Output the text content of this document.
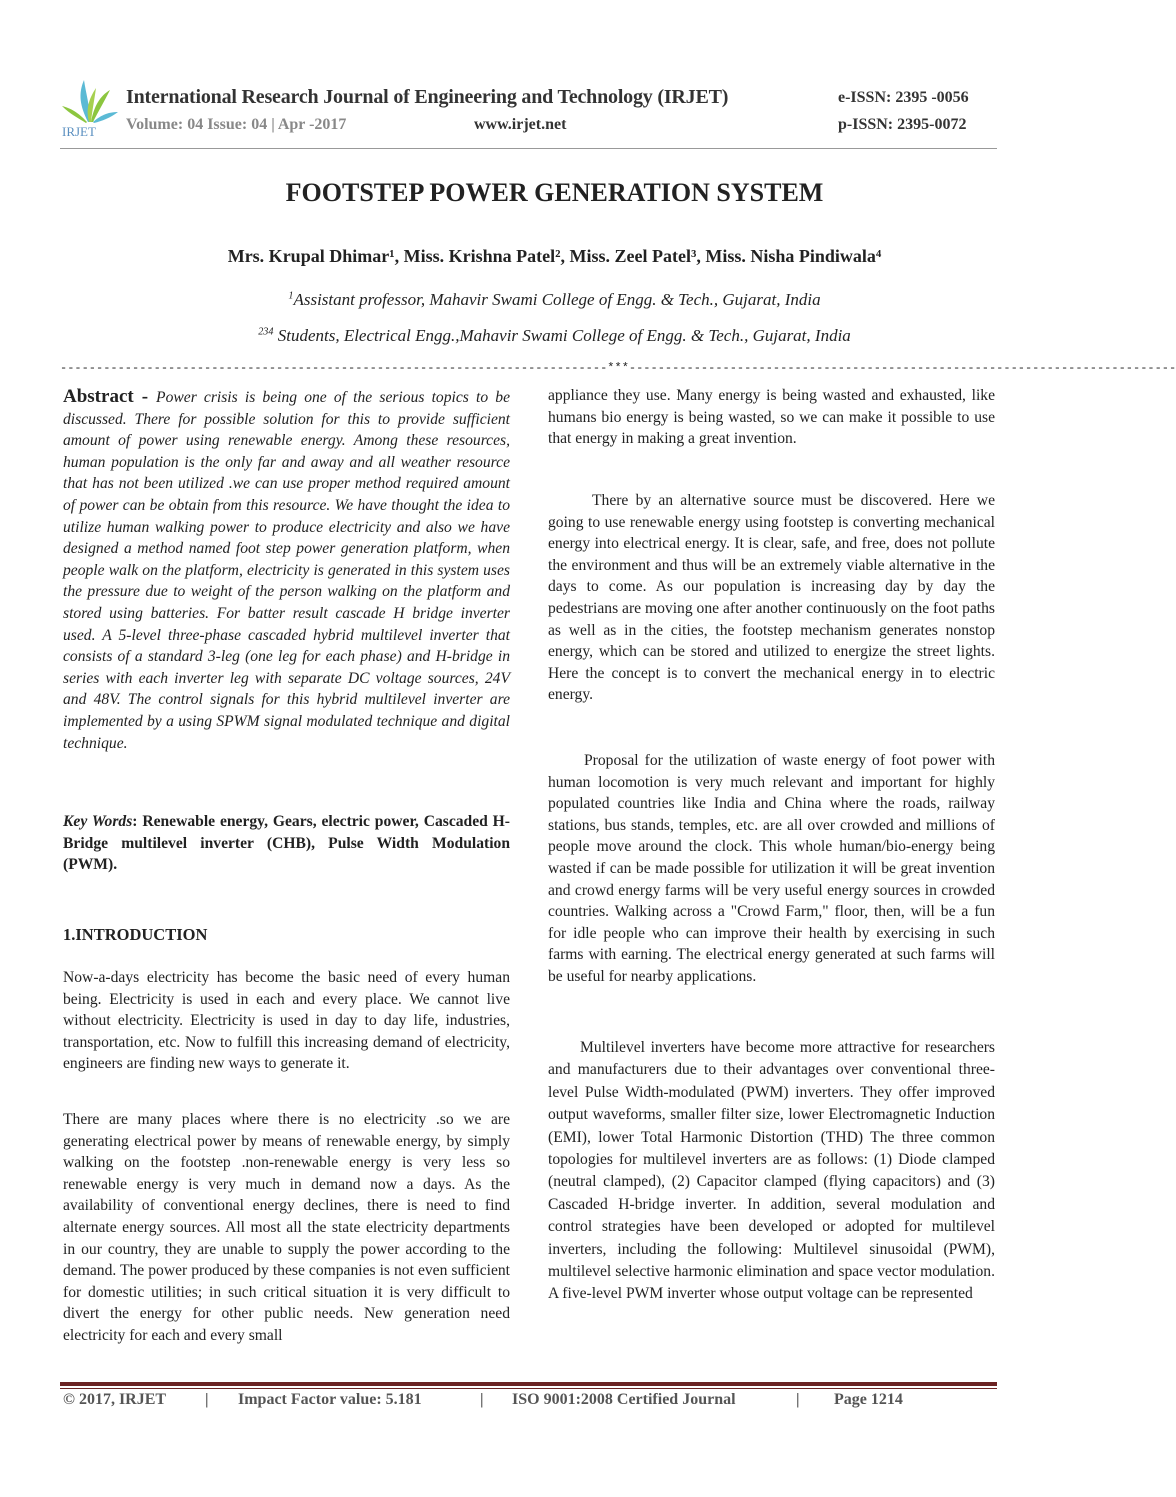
IRJET
International Research Journal of Engineering and Technology (IRJET)
Volume: 04 Issue: 04 | Apr -2017	www.irjet.net
e-ISSN: 2395 -0056
p-ISSN: 2395-0072
FOOTSTEP POWER GENERATION SYSTEM
Mrs. Krupal Dhimar¹, Miss. Krishna Patel², Miss. Zeel Patel³, Miss. Nisha Pindiwala⁴
$^1$Assistant professor, Mahavir Swami College of Engg. & Tech., Gujarat, India
$^{234}$ Students, Electrical Engg.,Mahavir Swami College of Engg. & Tech., Gujarat, India
----------------------------------------------------------------------------***----------------------------------------------------------------------------
Abstract - Power crisis is being one of the serious topics to be discussed. There for possible solution for this to provide sufficient amount of power using renewable energy. Among these resources, human population is the only far and away and all weather resource that has not been utilized .we can use proper method required amount of power can be obtain from this resource. We have thought the idea to utilize human walking power to produce electricity and also we have designed a method named foot step power generation platform, when people walk on the platform, electricity is generated in this system uses the pressure due to weight of the person walking on the platform and stored using batteries. For batter result cascade H bridge inverter used. A 5-level three-phase cascaded hybrid multilevel inverter that consists of a standard 3-leg (one leg for each phase) and H-bridge in series with each inverter leg with separate DC voltage sources, 24V and 48V. The control signals for this hybrid multilevel inverter are implemented by a using SPWM signal modulated technique and digital technique.
Key Words: Renewable energy, Gears, electric power, Cascaded H-Bridge multilevel inverter (CHB), Pulse Width Modulation (PWM).
1.INTRODUCTION
Now-a-days electricity has become the basic need of every human being. Electricity is used in each and every place. We cannot live without electricity. Electricity is used in day to day life, industries, transportation, etc. Now to fulfill this increasing demand of electricity, engineers are finding new ways to generate it.
There are many places where there is no electricity .so we are generating electrical power by means of renewable energy, by simply walking on the footstep .non-renewable energy is very less so renewable energy is very much in demand now a days. As the availability of conventional energy declines, there is need to find alternate energy sources. All most all the state electricity departments in our country, they are unable to supply the power according to the demand. The power produced by these companies is not even sufficient for domestic utilities; in such critical situation it is very difficult to divert the energy for other public needs. New generation need electricity for each and every small
appliance they use. Many energy is being wasted and exhausted, like humans bio energy is being wasted, so we can make it possible to use that energy in making a great invention.
There by an alternative source must be discovered. Here we going to use renewable energy using footstep is converting mechanical energy into electrical energy. It is clear, safe, and free, does not pollute the environment and thus will be an extremely viable alternative in the days to come. As our population is increasing day by day the pedestrians are moving one after another continuously on the foot paths as well as in the cities, the footstep mechanism generates nonstop energy, which can be stored and utilized to energize the street lights. Here the concept is to convert the mechanical energy in to electric energy.
Proposal for the utilization of waste energy of foot power with human locomotion is very much relevant and important for highly populated countries like India and China where the roads, railway stations, bus stands, temples, etc. are all over crowded and millions of people move around the clock. This whole human/bio-energy being wasted if can be made possible for utilization it will be great invention and crowd energy farms will be very useful energy sources in crowded countries. Walking across a "Crowd Farm," floor, then, will be a fun for idle people who can improve their health by exercising in such farms with earning. The electrical energy generated at such farms will be useful for nearby applications.
Multilevel inverters have become more attractive for researchers and manufacturers due to their advantages over conventional three-level Pulse Width-modulated (PWM) inverters. They offer improved output waveforms, smaller filter size, lower Electromagnetic Induction (EMI), lower Total Harmonic Distortion (THD) The three common topologies for multilevel inverters are as follows: (1) Diode clamped (neutral clamped), (2) Capacitor clamped (flying capacitors) and (3) Cascaded H-bridge inverter. In addition, several modulation and control strategies have been developed or adopted for multilevel inverters, including the following: Multilevel sinusoidal (PWM), multilevel selective harmonic elimination and space vector modulation. A five-level PWM inverter whose output voltage can be represented
© 2017, IRJET | Impact Factor value: 5.181	| ISO 9001:2008 Certified Journal	| Page 1214
